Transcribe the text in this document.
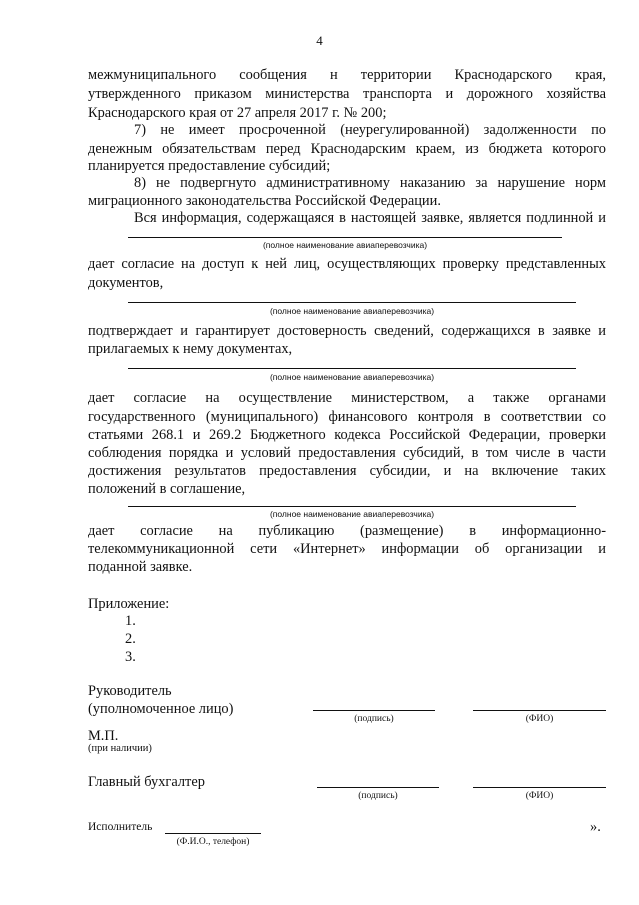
4
межмуниципального сообщения н территории Краснодарского края,
утвержденного приказом министерства транспорта и дорожного хозяйства
Краснодарского края от 27 апреля 2017 г. № 200;
7) не имеет просроченной (неурегулированной) задолженности по
денежным обязательствам перед Краснодарским краем, из бюджета которого
планируется предоставление субсидий;
8) не подвергнуто административному наказанию за нарушение норм
миграционного законодательства Российской Федерации.
Вся информация, содержащаяся в настоящей заявке, является подлинной и
(полное наименование авиаперевозчика)
дает согласие на доступ к ней лиц, осуществляющих проверку представленных
документов,
(полное наименование авиаперевозчика)
подтверждает и гарантирует достоверность сведений, содержащихся в заявке и
прилагаемых к нему документах,
(полное наименование авиаперевозчика)
дает согласие на осуществление министерством, а также органами
государственного (муниципального) финансового контроля в соответствии со
статьями 268.1 и 269.2 Бюджетного кодекса Российской Федерации, проверки
соблюдения порядка и условий предоставления субсидий, в том числе в части
достижения результатов предоставления субсидии, и на включение таких
положений в соглашение,
(полное наименование авиаперевозчика)
дает согласие на публикацию (размещение) в информационно-
телекоммуникационной сети «Интернет» информации об организации и
поданной заявке.
Приложение:
1.
2.
3.
Руководитель
(уполномоченное лицо)
(подпись)	(ФИО)
М.П.
(при наличии)
Главный бухгалтер
(подпись)	(ФИО)
Исполнитель
(Ф.И.О., телефон)
».
